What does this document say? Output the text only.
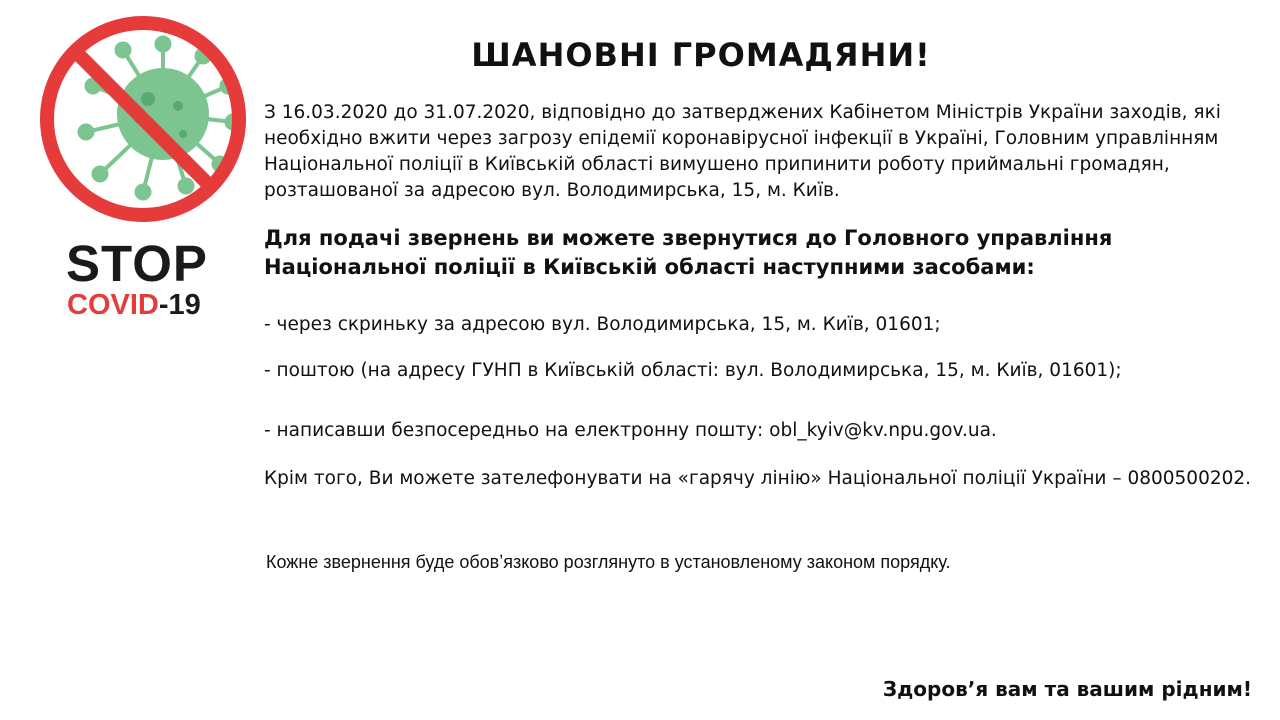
STOP
COVID-19
ШАНОВНІ ГРОМАДЯНИ!
З 16.03.2020 до 31.07.2020, відповідно до затверджених Кабінетом Міністрів України заходів, які необхідно вжити через загрозу епідемії коронавірусної інфекції в Україні, Головним управлінням Національної поліції в Київській області вимушено припинити роботу приймальні громадян, розташованої за адресою вул. Володимирська, 15, м. Київ.
Для подачі звернень ви можете звернутися до Головного управління Національної поліції в Київській області наступними засобами:
- через скриньку за адресою вул. Володимирська, 15, м. Київ, 01601;
- поштою (на адресу ГУНП в Київській області: вул. Володимирська, 15, м. Київ, 01601);
- написавши безпосередньо на електронну пошту: obl_kyiv@kv.npu.gov.ua.
Крім того, Ви можете зателефонувати на «гарячу лінію» Національної поліції України – 0800500202.
Кожне звернення буде обовʼязково розглянуто в установленому законом порядку.
Здоровʼя вам та вашим рідним!
